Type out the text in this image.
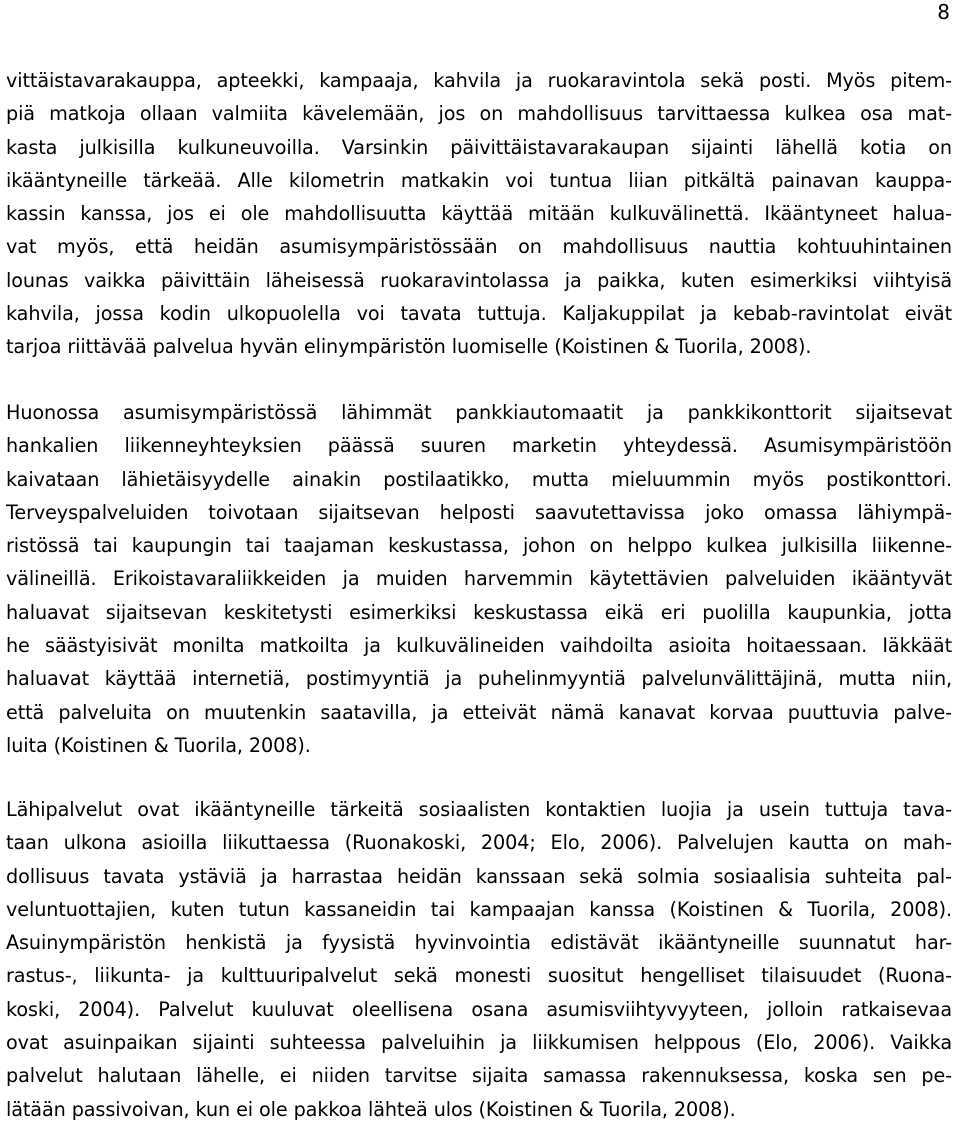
8
vittäistavarakauppa, apteekki, kampaaja, kahvila ja ruokaravintola sekä posti. Myös pitem-
piä matkoja ollaan valmiita kävelemään, jos on mahdollisuus tarvittaessa kulkea osa mat-
kasta julkisilla kulkuneuvoilla. Varsinkin päivittäistavarakaupan sijainti lähellä kotia on
ikääntyneille tärkeää. Alle kilometrin matkakin voi tuntua liian pitkältä painavan kauppa-
kassin kanssa, jos ei ole mahdollisuutta käyttää mitään kulkuvälinettä. Ikääntyneet halua-
vat myös, että heidän asumisympäristössään on mahdollisuus nauttia kohtuuhintainen
lounas vaikka päivittäin läheisessä ruokaravintolassa ja paikka, kuten esimerkiksi viihtyisä
kahvila, jossa kodin ulkopuolella voi tavata tuttuja. Kaljakuppilat ja kebab-ravintolat eivät
tarjoa riittävää palvelua hyvän elinympäristön luomiselle (Koistinen & Tuorila, 2008).
Huonossa asumisympäristössä lähimmät pankkiautomaatit ja pankkikonttorit sijaitsevat
hankalien liikenneyhteyksien päässä suuren marketin yhteydessä. Asumisympäristöön
kaivataan lähietäisyydelle ainakin postilaatikko, mutta mieluummin myös postikonttori.
Terveyspalveluiden toivotaan sijaitsevan helposti saavutettavissa joko omassa lähiympä-
ristössä tai kaupungin tai taajaman keskustassa, johon on helppo kulkea julkisilla liikenne-
välineillä. Erikoistavaraliikkeiden ja muiden harvemmin käytettävien palveluiden ikääntyvät
haluavat sijaitsevan keskitetysti esimerkiksi keskustassa eikä eri puolilla kaupunkia, jotta
he säästyisivät monilta matkoilta ja kulkuvälineiden vaihdoilta asioita hoitaessaan. Iäkkäät
haluavat käyttää internetiä, postimyyntiä ja puhelinmyyntiä palvelunvälittäjinä, mutta niin,
että palveluita on muutenkin saatavilla, ja etteivät nämä kanavat korvaa puuttuvia palve-
luita (Koistinen & Tuorila, 2008).
Lähipalvelut ovat ikääntyneille tärkeitä sosiaalisten kontaktien luojia ja usein tuttuja tava-
taan ulkona asioilla liikuttaessa (Ruonakoski, 2004; Elo, 2006). Palvelujen kautta on mah-
dollisuus tavata ystäviä ja harrastaa heidän kanssaan sekä solmia sosiaalisia suhteita pal-
veluntuottajien, kuten tutun kassaneidin tai kampaajan kanssa (Koistinen & Tuorila, 2008).
Asuinympäristön henkistä ja fyysistä hyvinvointia edistävät ikääntyneille suunnatut har-
rastus-, liikunta- ja kulttuuripalvelut sekä monesti suositut hengelliset tilaisuudet (Ruona-
koski, 2004). Palvelut kuuluvat oleellisena osana asumisviihtyvyyteen, jolloin ratkaisevaa
ovat asuinpaikan sijainti suhteessa palveluihin ja liikkumisen helppous (Elo, 2006). Vaikka
palvelut halutaan lähelle, ei niiden tarvitse sijaita samassa rakennuksessa, koska sen pe-
lätään passivoivan, kun ei ole pakkoa lähteä ulos (Koistinen & Tuorila, 2008).
